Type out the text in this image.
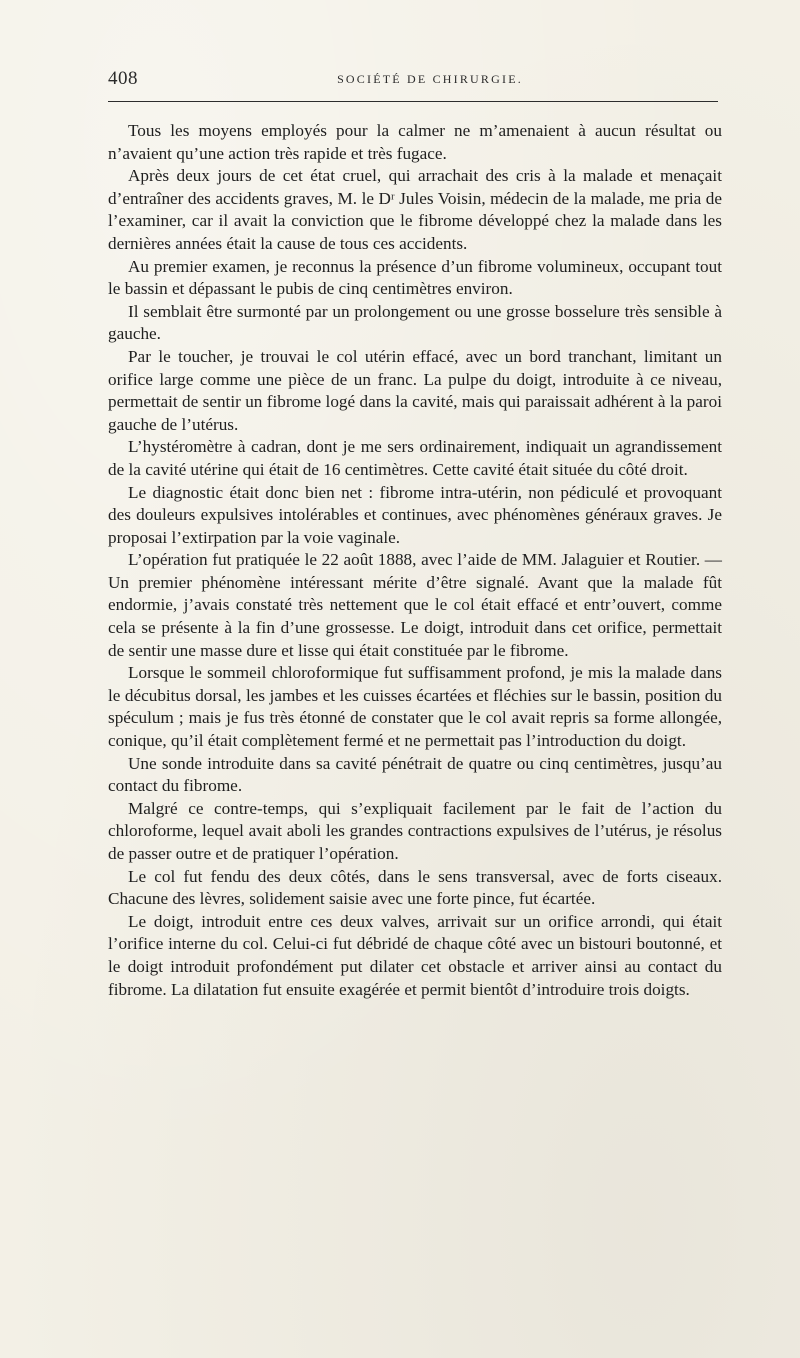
408	SOCIÉTÉ DE CHIRURGIE.

Tous les moyens employés pour la calmer ne m’amenaient à aucun résultat ou n’avaient qu’une action très rapide et très fugace.

Après deux jours de cet état cruel, qui arrachait des cris à la malade et menaçait d’entraîner des accidents graves, M. le Dʳ Jules Voisin, médecin de la malade, me pria de l’examiner, car il avait la conviction que le fibrome développé chez la malade dans les dernières années était la cause de tous ces accidents.

Au premier examen, je reconnus la présence d’un fibrome volumineux, occupant tout le bassin et dépassant le pubis de cinq centimètres environ.

Il semblait être surmonté par un prolongement ou une grosse bosselure très sensible à gauche.

Par le toucher, je trouvai le col utérin effacé, avec un bord tranchant, limitant un orifice large comme une pièce de un franc. La pulpe du doigt, introduite à ce niveau, permettait de sentir un fibrome logé dans la cavité, mais qui paraissait adhérent à la paroi gauche de l’utérus.

L’hystéromètre à cadran, dont je me sers ordinairement, indiquait un agrandissement de la cavité utérine qui était de 16 centimètres. Cette cavité était située du côté droit.

Le diagnostic était donc bien net : fibrome intra-utérin, non pédiculé et provoquant des douleurs expulsives intolérables et continues, avec phénomènes généraux graves. Je proposai l’extirpation par la voie vaginale.

L’opération fut pratiquée le 22 août 1888, avec l’aide de MM. Jalaguier et Routier. — Un premier phénomène intéressant mérite d’être signalé. Avant que la malade fût endormie, j’avais constaté très nettement que le col était effacé et entr’ouvert, comme cela se présente à la fin d’une grossesse. Le doigt, introduit dans cet orifice, permettait de sentir une masse dure et lisse qui était constituée par le fibrome.

Lorsque le sommeil chloroformique fut suffisamment profond, je mis la malade dans le décubitus dorsal, les jambes et les cuisses écartées et fléchies sur le bassin, position du spéculum ; mais je fus très étonné de constater que le col avait repris sa forme allongée, conique, qu’il était complètement fermé et ne permettait pas l’introduction du doigt.

Une sonde introduite dans sa cavité pénétrait de quatre ou cinq centimètres, jusqu’au contact du fibrome.

Malgré ce contre-temps, qui s’expliquait facilement par le fait de l’action du chloroforme, lequel avait aboli les grandes contractions expulsives de l’utérus, je résolus de passer outre et de pratiquer l’opération.

Le col fut fendu des deux côtés, dans le sens transversal, avec de forts ciseaux. Chacune des lèvres, solidement saisie avec une forte pince, fut écartée.

Le doigt, introduit entre ces deux valves, arrivait sur un orifice arrondi, qui était l’orifice interne du col. Celui-ci fut débridé de chaque côté avec un bistouri boutonné, et le doigt introduit profondément put dilater cet obstacle et arriver ainsi au contact du fibrome. La dilatation fut ensuite exagérée et permit bientôt d’introduire trois doigts.
